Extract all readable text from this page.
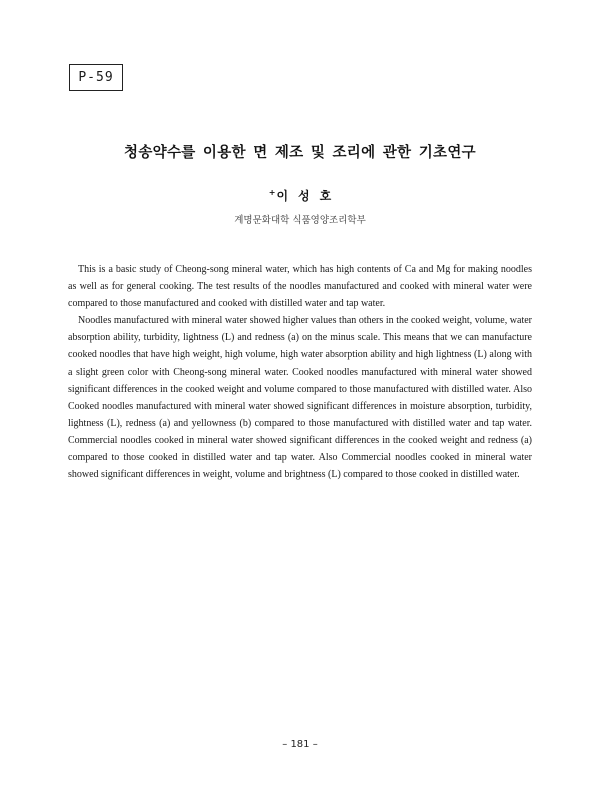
P-59
청송약수를 이용한 면 제조 및 조리에 관한 기초연구
+이성호
계명문화대학 식품영양조리학부

This is a basic study of Cheong-song mineral water, which has high contents of Ca and Mg for making noodles as well as for general cooking. The test results of the noodles manufactured and cooked with mineral water were compared to those manufactured and cooked with distilled water and tap water.

Noodles manufactured with mineral water showed higher values than others in the cooked weight, volume, water absorption ability, turbidity, lightness (L) and redness (a) on the minus scale. This means that we can manufacture cooked noodles that have high weight, high volume, high water absorption ability and high lightness (L) along with a slight green color with Cheong-song mineral water. Cooked noodles manufactured with mineral water showed significant differences in the cooked weight and volume compared to those manufactured with distilled water. Also Cooked noodles manufactured with mineral water showed significant differences in moisture absorption, turbidity, lightness (L), redness (a) and yellowness (b) compared to those manufactured with distilled water and tap water. Commercial noodles cooked in mineral water showed significant differences in the cooked weight and redness (a) compared to those cooked in distilled water and tap water. Also Commercial noodles cooked in mineral water showed significant differences in weight, volume and brightness (L) compared to those cooked in distilled water.

– 181 –
